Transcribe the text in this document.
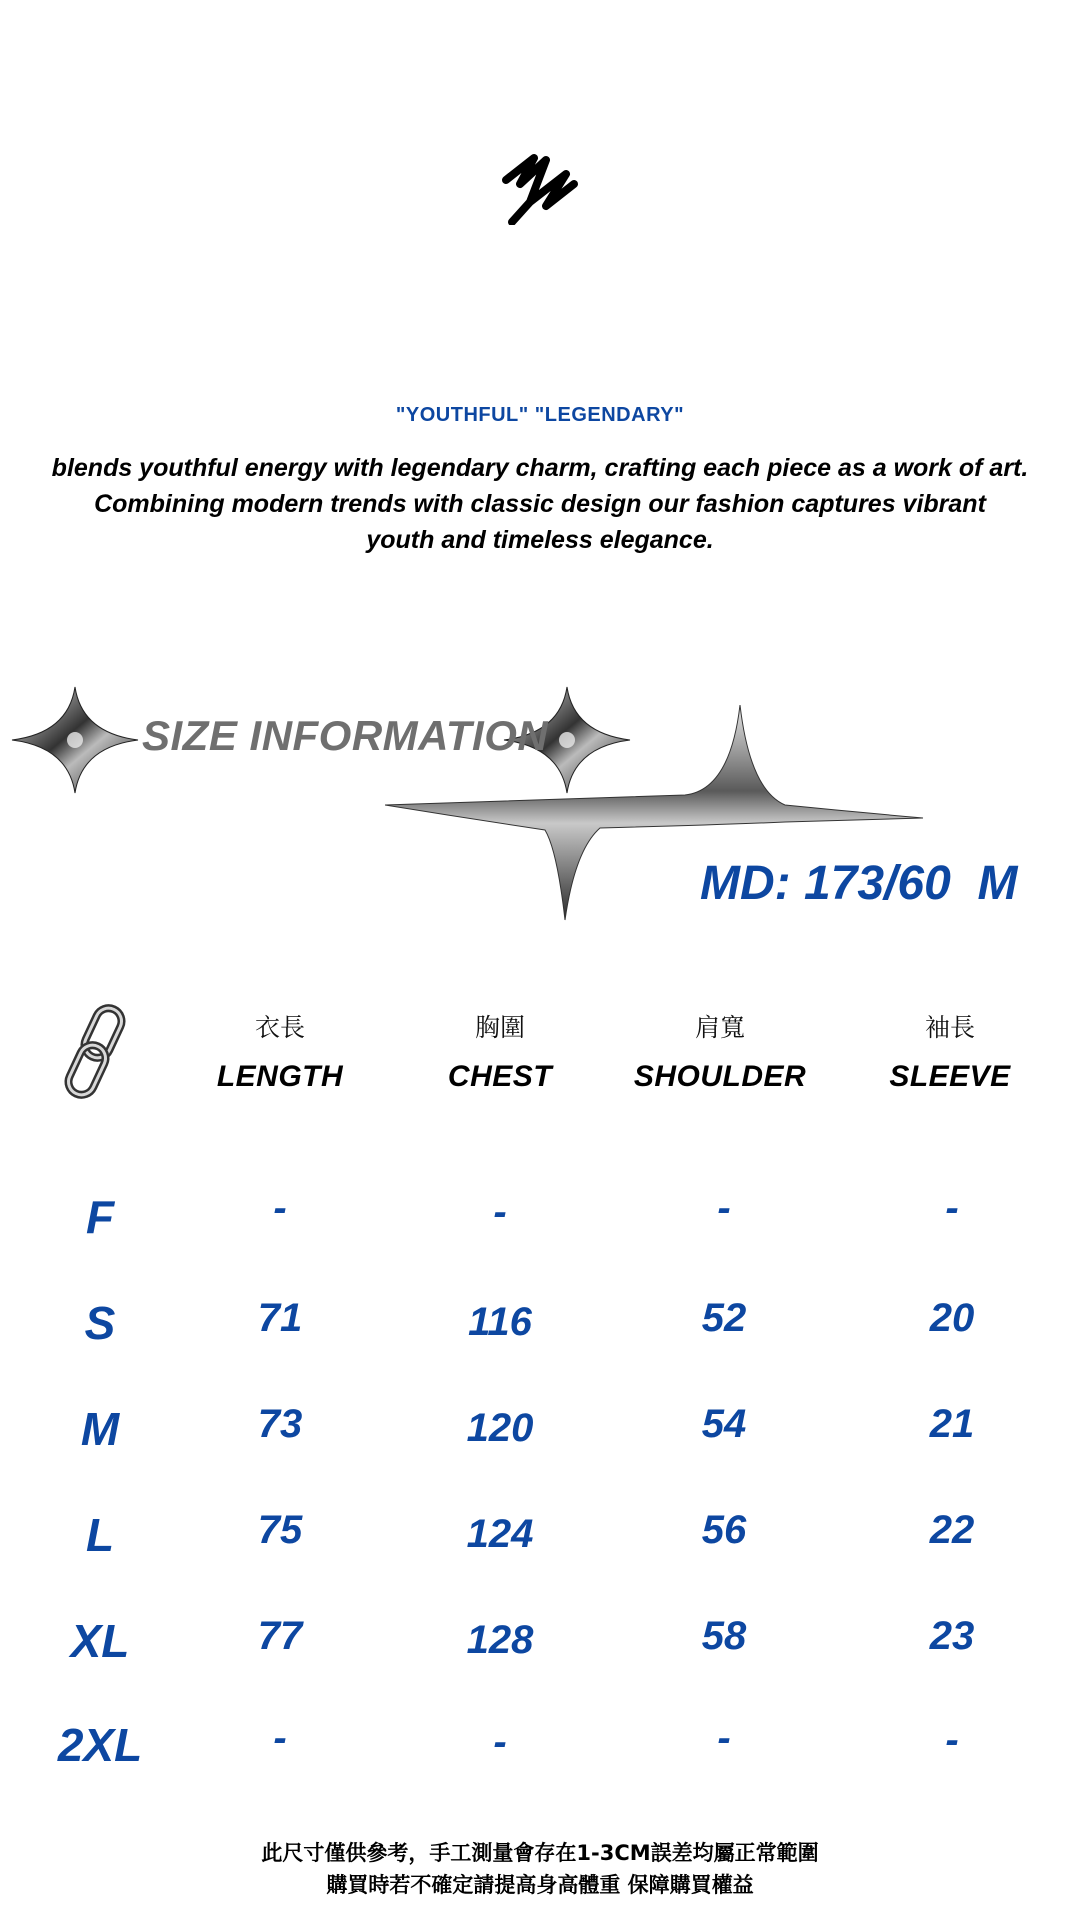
"YOUTHFUL" "LEGENDARY"
blends youthful energy with legendary charm, crafting each piece as a work of art.
Combining modern trends with classic design our fashion captures vibrant
youth and timeless elegance.
SIZE INFORMATION
MD: 173/60 M
衣長	胸圍	肩寬	袖長
LENGTH	CHEST	SHOULDER	SLEEVE
F	-	-	-	-
S	71	116	52	20
M	73	120	54	21
L	75	124	56	22
XL	77	128	58	23
2XL	-	-	-	-
此尺寸僅供參考，手工測量會存在1-3CM誤差均屬正常範圍
購買時若不確定請提高身高體重 保障購買權益
